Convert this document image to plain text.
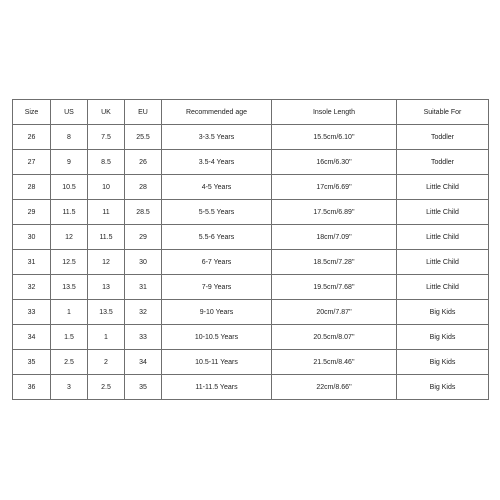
Size	US	UK	EU	Recommended age	Insole Length	Suitable For
26	8	7.5	25.5	3-3.5 Years	15.5cm/6.10''	Toddler
27	9	8.5	26	3.5-4 Years	16cm/6.30''	Toddler
28	10.5	10	28	4-5 Years	17cm/6.69''	Little Child
29	11.5	11	28.5	5-5.5 Years	17.5cm/6.89''	Little Child
30	12	11.5	29	5.5-6 Years	18cm/7.09''	Little Child
31	12.5	12	30	6-7 Years	18.5cm/7.28''	Little Child
32	13.5	13	31	7-9 Years	19.5cm/7.68''	Little Child
33	1	13.5	32	9-10 Years	20cm/7.87''	Big Kids
34	1.5	1	33	10-10.5 Years	20.5cm/8.07''	Big Kids
35	2.5	2	34	10.5-11 Years	21.5cm/8.46''	Big Kids
36	3	2.5	35	11-11.5 Years	22cm/8.66''	Big Kids
